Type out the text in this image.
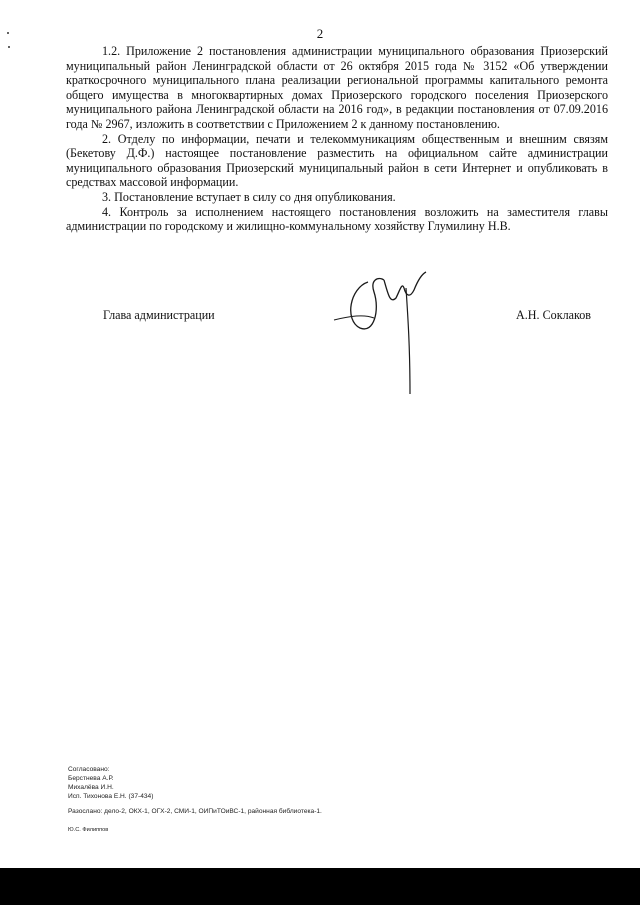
2

1.2. Приложение 2 постановления администрации муниципального образования Приозерский муниципальный район Ленинградской области от 26 октября 2015 года № 3152 «Об утверждении краткосрочного муниципального плана реализации региональной программы капитального ремонта общего имущества в многоквартирных домах Приозерского городского поселения Приозерского муниципального района Ленинградской области на 2016 год», в редакции постановления от 07.09.2016 года № 2967, изложить в соответствии с Приложением 2 к данному постановлению.

2. Отделу по информации, печати и телекоммуникациям общественным и внешним связям (Бекетову Д.Ф.) настоящее постановление разместить на официальном сайте администрации муниципального образования Приозерский муниципальный район в сети Интернет и опубликовать в средствах массовой информации.

3. Постановление вступает в силу со дня опубликования.

4. Контроль за исполнением настоящего постановления возложить на заместителя главы администрации по городскому и жилищно-коммунальному хозяйству Глумилину Н.В.

Глава администрации	А.Н. Соклаков
Согласовано:
Берстнева А.Р.
Михалёва И.Н.
Исп. Тихонова Е.Н. (37-434)
Разослано: дело-2, ОКХ-1, ОГХ-2, СМИ-1, ОИПиТОиВС-1, районная библиотека-1.
Ю.С. Филиппов
